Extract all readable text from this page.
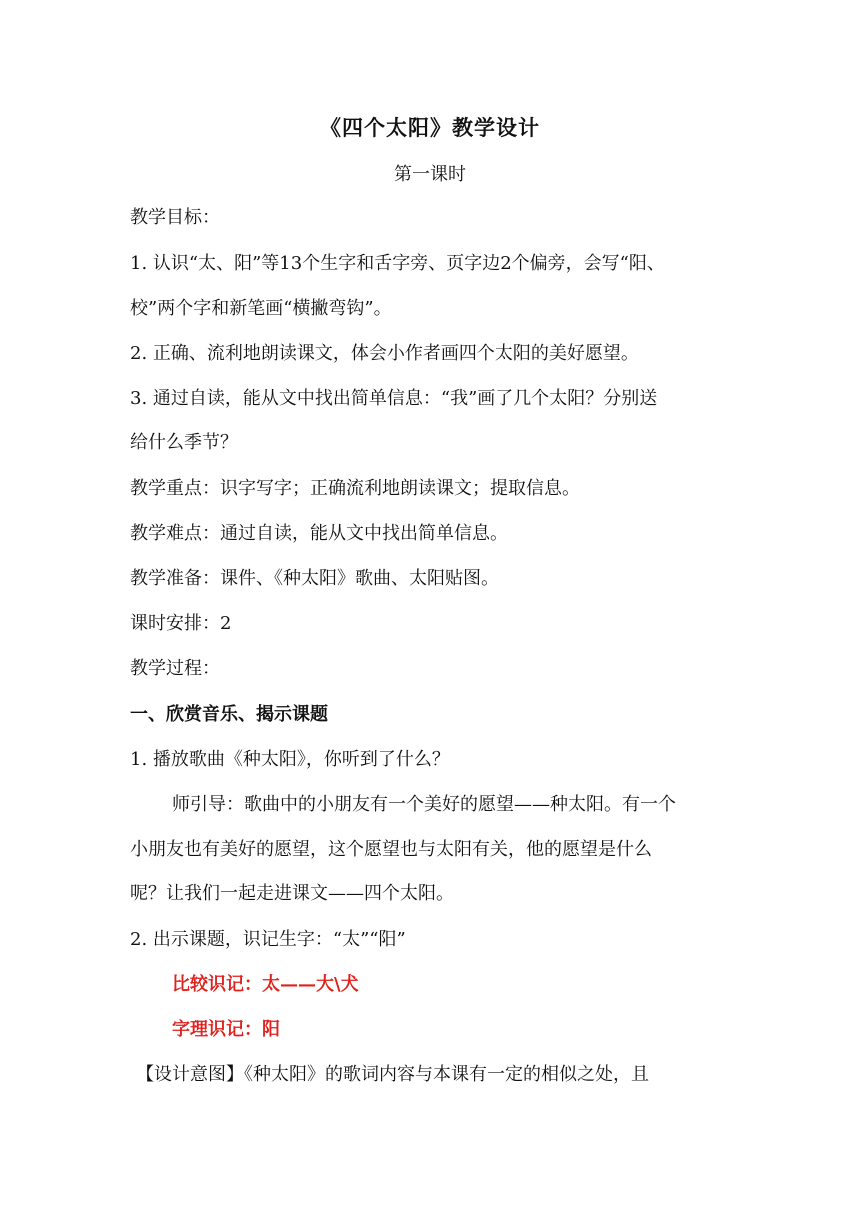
《四个太阳》教学设计
第一课时
教学目标：
1. 认识“太、阳”等13个生字和舌字旁、页字边2个偏旁，会写“阳、
校”两个字和新笔画“横撇弯钩”。
2. 正确、流利地朗读课文，体会小作者画四个太阳的美好愿望。
3. 通过自读，能从文中找出简单信息：“我”画了几个太阳？分别送
给什么季节？
教学重点：识字写字；正确流利地朗读课文；提取信息。
教学难点：通过自读，能从文中找出简单信息。
教学准备：课件、《种太阳》歌曲、太阳贴图。
课时安排：2
教学过程：
一、欣赏音乐、揭示课题
1. 播放歌曲《种太阳》，你听到了什么？
师引导：歌曲中的小朋友有一个美好的愿望——种太阳。有一个
小朋友也有美好的愿望，这个愿望也与太阳有关，他的愿望是什么
呢？让我们一起走进课文——四个太阳。
2. 出示课题，识记生字：“太”“阳”
比较识记：太——大\犬
字理识记：阳
【设计意图】《种太阳》的歌词内容与本课有一定的相似之处，且
